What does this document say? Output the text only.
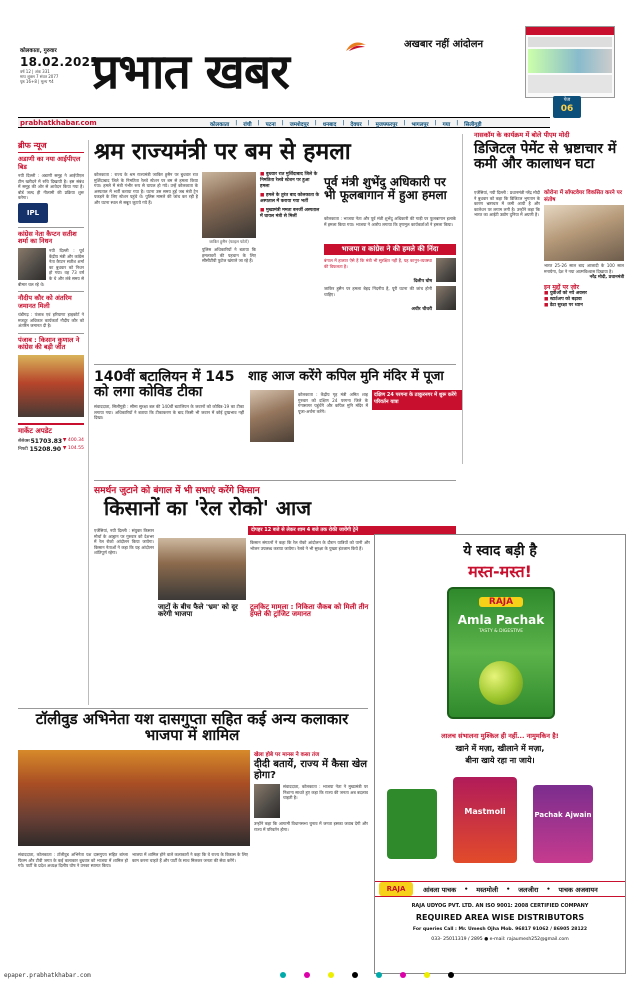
कोलकाता, गुरुवार
18.02.2021
वर्ष 12 | अंक 331
माघ शुक्ल 7 संवत 2077
पृष्ठ 16+8 | मूल्य ₹4 प्रभात खबर	अखबार नहीं आंदोलन
पेज
06
prabhatkhabar.com	कोलकाता | रांची | पटना | जमशेदपुर | धनबाद | देवघर | मुजफ्फरपुर | भागलपुर | गया | सिलीगुड़ी
ब्रीफ न्यूज
अडाणी का नया आईपीएल बिड
नयी दिल्ली : अडाणी समूह ने आईपीएल टीम खरीदने में रुचि दिखायी है। इस संबंध में समूह की ओर से आवेदन किया गया है। बोर्ड जल्द ही नीलामी की प्रक्रिया शुरू करेगा।
IPL
कांग्रेस नेता कैप्टन सतीश शर्मा का निधन
नयी दिल्ली : पूर्व केंद्रीय मंत्री और कांग्रेस नेता कैप्टन सतीश शर्मा का बुधवार को निधन हो गया। वह 73 वर्ष के थे और लंबे समय से बीमार चल रहे थे।
नौदीप कौर को अंतरिम जमानत मिली
चंडीगढ़ : पंजाब एवं हरियाणा हाइकोर्ट ने मजदूर अधिकार कार्यकर्ता नौदीप कौर को अंतरिम जमानत दी है।
पंजाब : किसान कुणाल ने कांग्रेस की बड़ी जीत
मार्केट अपडेट
सेंसेक्स 51703.83 ▼ 400.34
निफ्टी 15208.90 ▼ 104.55
श्रम राज्यमंत्री पर बम से हमला
कोलकाता : राज्य के श्रम राज्यमंत्री जाकिर हुसैन पर बुधवार रात मुर्शिदाबाद जिले के निमतिता रेलवे स्टेशन पर बम से हमला किया गया। हमले में मंत्री गंभीर रूप से घायल हो गये। उन्हें कोलकाता के अस्पताल में भर्ती कराया गया है। घटना उस समय हुई जब मंत्री ट्रेन पकड़ने के लिए स्टेशन पहुंचे थे। पुलिस मामले की जांच कर रही है और घटना स्थल से सबूत जुटाये गये हैं।
जाकिर हुसैन (फाइल फोटो)
पुलिस अधिकारियों ने बताया कि हमलावरों की पहचान के लिए सीसीटीवी फुटेज खंगाले जा रहे हैं।
■ बुधवार रात मुर्शिदाबाद जिले के निमतिता रेलवे स्टेशन पर हुआ हमला
■ हमले के तुरंत बाद कोलकाता के अस्पताल में कराया गया भर्ती
■ मुख्यमंत्री ममता बनर्जी अस्पताल में घायल मंत्री से मिलीं
पूर्व मंत्री शुभेंदु अधिकारी पर भी फूलबागान में हुआ हमला
कोलकाता : भाजपा नेता और पूर्व मंत्री शुभेंदु अधिकारी की गाड़ी पर फूलबागान इलाके में हमला किया गया। भाजपा ने आरोप लगाया कि तृणमूल कार्यकर्ताओं ने हमला किया।
भाजपा व कांग्रेस ने की हमले की निंदा
बंगाल में हालात ऐसे हैं कि मंत्री भी सुरक्षित नहीं हैं, यह कानून-व्यवस्था की विफलता है।
दिलीप घोष
जाकिर हुसैन पर हमला बेहद निंदनीय है, पूरी घटना की जांच होनी चाहिए।
अधीर चौधरी
नासकॉम के कार्यक्रम में बोले पीएम मोदी
डिजिटल पेमेंट से भ्रष्टाचार में कमी और कालाधन घटा
एजेंसियां, नयी दिल्ली : प्रधानमंत्री नरेंद्र मोदी ने बुधवार को कहा कि डिजिटल भुगतान के कारण भ्रष्टाचार में कमी आयी है और कालेधन पर लगाम लगी है। उन्होंने कहा कि भारत का आईटी उद्योग दुनिया में अग्रणी है।
कोरोना में सॉफ्टवेयर विकसित करने पर संतोष
भारत 25-26 साल बाद आजादी के 100 साल मनायेगा, देश ने नया आत्मविश्वास दिखाया है।
नरेंद्र मोदी, प्रधानमंत्री
इन मुद्दों पर ज़ोर
■ युवाओं को नये अवसर
■ स्टार्टअप को बढ़ावा
■ डेटा सुरक्षा पर ध्यान
140वीं बटालियन में 145 को लगा कोविड टीका
संवाददाता, सिलीगुड़ी : सीमा सुरक्षा बल की 140वीं बटालियन के जवानों को कोविड-19 का टीका लगाया गया। अधिकारियों ने बताया कि टीकाकरण के बाद किसी भी जवान में कोई दुष्प्रभाव नहीं दिखा।
शाह आज करेंगे कपिल मुनि मंदिर में पूजा
कोलकाता : केंद्रीय गृह मंत्री अमित शाह गुरुवार को दक्षिण 24 परगना जिले के गंगासागर पहुंचेंगे और कपिल मुनि मंदिर में पूजा-अर्चना करेंगे।
दक्षिण 24 परगना के ठाकुरनगर में शुरू करेंगे परिवर्तन यात्रा
समर्थन जुटाने को बंगाल में भी सभाएं करेंगे किसान
किसानों का 'रेल रोको' आज
दोपहर 12 बजे से लेकर शाम 4 बजे तक रोकी जायेंगी ट्रेनें
एजेंसियां, नयी दिल्ली : संयुक्त किसान मोर्चा के आह्वान पर गुरुवार को देशभर में रेल रोको आंदोलन किया जायेगा। किसान नेताओं ने कहा कि यह आंदोलन शांतिपूर्ण रहेगा।
जाटों के बीच फैले 'भ्रम' को दूर करेगी भाजपा
टूलकिट मामला : निकिता जैकब को मिली तीन हफ्ते की ट्रांजिट जमानत
किसान संगठनों ने कहा कि रेल रोको आंदोलन के दौरान यात्रियों को पानी और भोजन उपलब्ध कराया जायेगा। रेलवे ने भी सुरक्षा के पुख्ता इंतजाम किये हैं।	ये स्वाद बड़ी है
मस्त-मस्त!
RAJA
Amla Pachak
TASTY & DIGESTIVE
लालच संभालना मुश्किल ही नहीं... नामुमकिन है!
खाने में मज़ा, खीलाने में मज़ा,
बीना खाये रहा ना जाये।
Mastmoli	Pachak Ajwain
RAJA	आंवला पाचक • मस्तमोली • जलजीरा • पाचक अजवायन
RAJA UDYOG PVT. LTD. AN ISO 9001: 2008 CERTIFIED COMPANY
REQUIRED AREA WISE DISTRIBUTORS
For queries Call : Mr. Umesh Ojha Mob. 96817 91062 / 86905 28122
033- 25011319 / 2895 ● e-mail: rajaumesh252@gmail.com
टॉलीवुड अभिनेता यश दासगुप्ता सहित कई अन्य कलाकार भाजपा में शामिल
खेला होबे पर मानस ने कसा तंज
दीदी बतायें, राज्य में कैसा खेल होगा?
संवाददाता, कोलकाता : भाजपा नेता ने मुख्यमंत्री पर निशाना साधते हुए कहा कि राज्य की जनता अब बदलाव चाहती है।
उन्होंने कहा कि आगामी विधानसभा चुनाव में जनता इसका जवाब देगी और राज्य में परिवर्तन होगा।
संवाददाता, कोलकाता : टॉलीवुड अभिनेता यश दासगुप्ता सहित बांग्ला फिल्म और टीवी जगत के कई कलाकार बुधवार को भाजपा में शामिल हो गये। पार्टी के प्रदेश अध्यक्ष दिलीप घोष ने उनका स्वागत किया।
भाजपा में शामिल होने वाले कलाकारों ने कहा कि वे राज्य के विकास के लिए काम करना चाहते हैं और पार्टी के साथ मिलकर जनता की सेवा करेंगे।
epaper.prabhatkhabar.com
